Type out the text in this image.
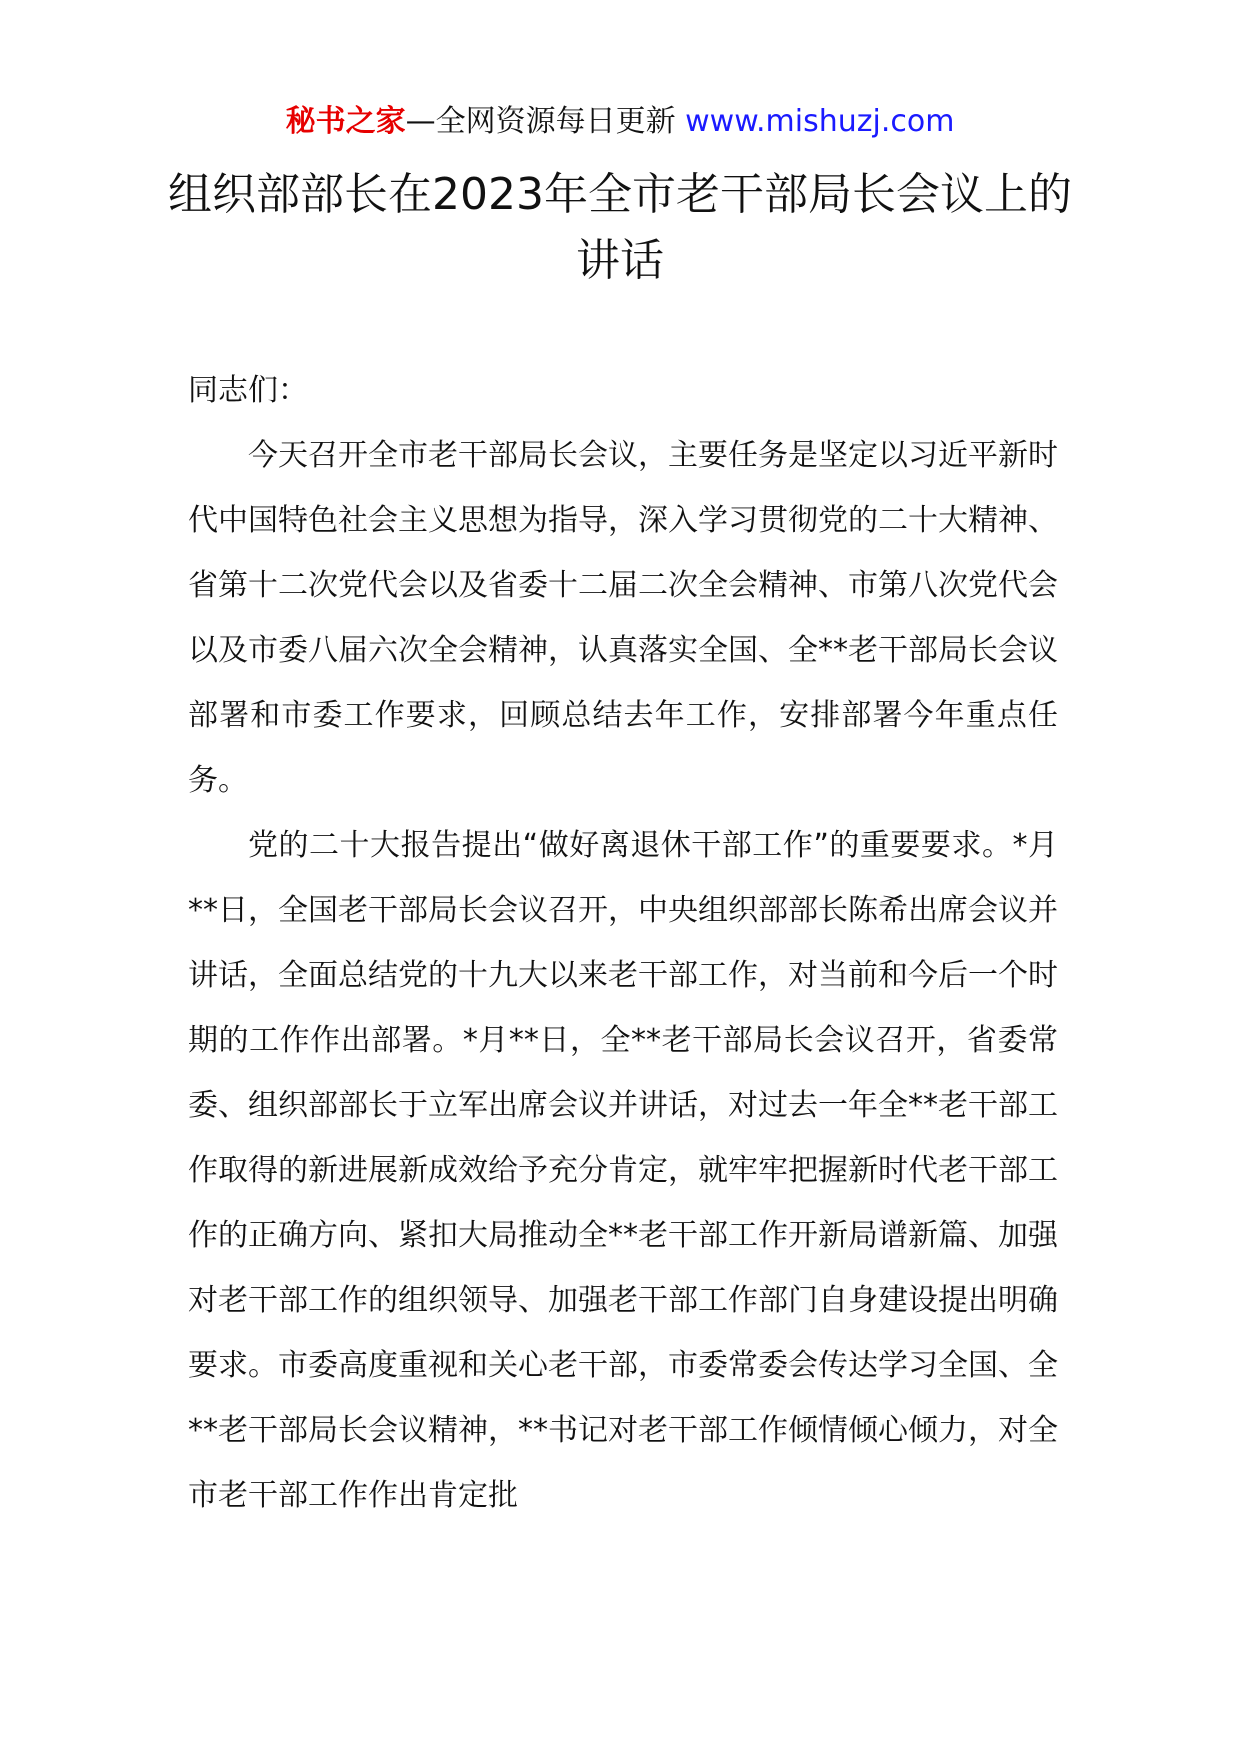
秘书之家—全网资源每日更新 www.mishuzj.com
组织部部长在2023年全市老干部局长会议上的讲话

同志们：

今天召开全市老干部局长会议，主要任务是坚定以习近平新时代中国特色社会主义思想为指导，深入学习贯彻党的二十大精神、省第十二次党代会以及省委十二届二次全会精神、市第八次党代会以及市委八届六次全会精神，认真落实全国、全**老干部局长会议部署和市委工作要求，回顾总结去年工作，安排部署今年重点任务。

党的二十大报告提出“做好离退休干部工作”的重要要求。*月**日，全国老干部局长会议召开，中央组织部部长陈希出席会议并讲话，全面总结党的十九大以来老干部工作，对当前和今后一个时期的工作作出部署。*月**日，全**老干部局长会议召开，省委常委、组织部部长于立军出席会议并讲话，对过去一年全**老干部工作取得的新进展新成效给予充分肯定，就牢牢把握新时代老干部工作的正确方向、紧扣大局推动全**老干部工作开新局谱新篇、加强对老干部工作的组织领导、加强老干部工作部门自身建设提出明确要求。市委高度重视和关心老干部，市委常委会传达学习全国、全**老干部局长会议精神，**书记对老干部工作倾情倾心倾力，对全市老干部工作作出肯定批
